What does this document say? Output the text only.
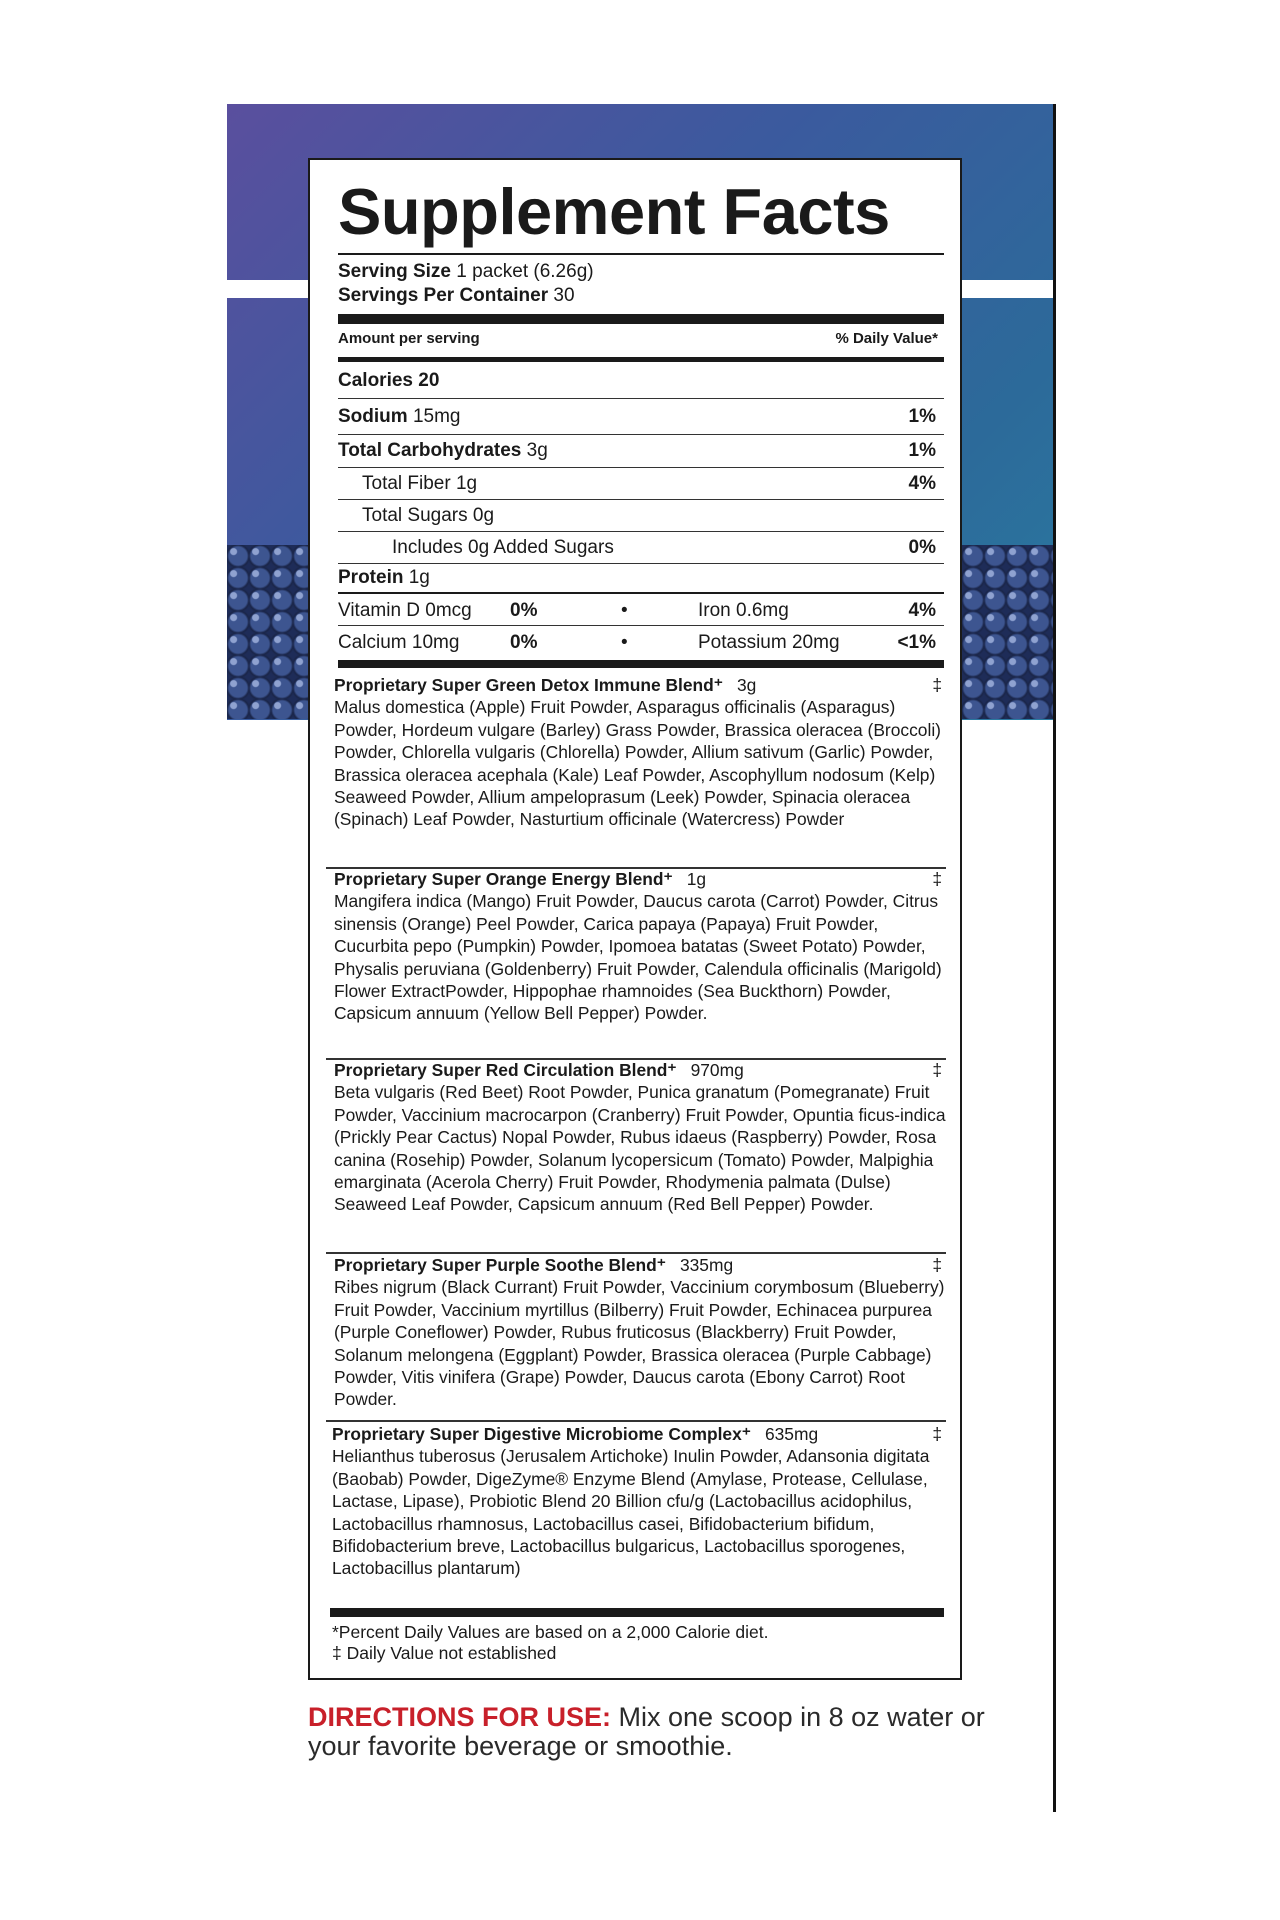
Supplement Facts
Serving Size 1 packet (6.26g)
Servings Per Container 30
Amount per serving	% Daily Value*
Calories 20
Sodium 15mg	1%
Total Carbohydrates 3g	1%
Total Fiber 1g	4%
Total Sugars 0g
Includes 0g Added Sugars	0%
Protein 1g
Vitamin D 0mcg 0%	•	Iron 0.6mg	4%
Calcium 10mg	0%	•	Potassium 20mg	<1%
Proprietary Super Green Detox Immune Blend⁺ 3g	‡

Malus domestica (Apple) Fruit Powder, Asparagus officinalis (Asparagus) Powder, Hordeum vulgare (Barley) Grass Powder, Brassica oleracea (Broccoli) Powder, Chlorella vulgaris (Chlorella) Powder, Allium sativum (Garlic) Powder, Brassica oleracea acephala (Kale) Leaf Powder, Ascophyllum nodosum (Kelp) Seaweed Powder, Allium ampeloprasum (Leek) Powder, Spinacia oleracea (Spinach) Leaf Powder, Nasturtium officinale (Watercress) Powder

Proprietary Super Orange Energy Blend⁺ 1g	‡

Mangifera indica (Mango) Fruit Powder, Daucus carota (Carrot) Powder, Citrus sinensis (Orange) Peel Powder, Carica papaya (Papaya) Fruit Powder, Cucurbita pepo (Pumpkin) Powder, Ipomoea batatas (Sweet Potato) Powder, Physalis peruviana (Goldenberry) Fruit Powder, Calendula officinalis (Marigold) Flower ExtractPowder, Hippophae rhamnoides (Sea Buckthorn) Powder, Capsicum annuum (Yellow Bell Pepper) Powder.

Proprietary Super Red Circulation Blend⁺ 970mg	‡

Beta vulgaris (Red Beet) Root Powder, Punica granatum (Pomegranate) Fruit Powder, Vaccinium macrocarpon (Cranberry) Fruit Powder, Opuntia ficus-indica (Prickly Pear Cactus) Nopal Powder, Rubus idaeus (Raspberry) Powder, Rosa canina (Rosehip) Powder, Solanum lycopersicum (Tomato) Powder, Malpighia emarginata (Acerola Cherry) Fruit Powder, Rhodymenia palmata (Dulse) Seaweed Leaf Powder, Capsicum annuum (Red Bell Pepper) Powder.

Proprietary Super Purple Soothe Blend⁺ 335mg	‡

Ribes nigrum (Black Currant) Fruit Powder, Vaccinium corymbosum (Blueberry) Fruit Powder, Vaccinium myrtillus (Bilberry) Fruit Powder, Echinacea purpurea (Purple Coneflower) Powder, Rubus fruticosus (Blackberry) Fruit Powder, Solanum melongena (Eggplant) Powder, Brassica oleracea (Purple Cabbage) Powder, Vitis vinifera (Grape) Powder, Daucus carota (Ebony Carrot) Root Powder.

Proprietary Super Digestive Microbiome Complex⁺ 635mg	‡

Helianthus tuberosus (Jerusalem Artichoke) Inulin Powder, Adansonia digitata (Baobab) Powder, DigeZyme® Enzyme Blend (Amylase, Protease, Cellulase, Lactase, Lipase), Probiotic Blend 20 Billion cfu/g (Lactobacillus acidophilus, Lactobacillus rhamnosus, Lactobacillus casei, Bifidobacterium bifidum, Bifidobacterium breve, Lactobacillus bulgaricus, Lactobacillus sporogenes, Lactobacillus plantarum)

*Percent Daily Values are based on a 2,000 Calorie diet.
‡ Daily Value not established
DIRECTIONS FOR USE: Mix one scoop in 8 oz water or your favorite beverage or smoothie.
